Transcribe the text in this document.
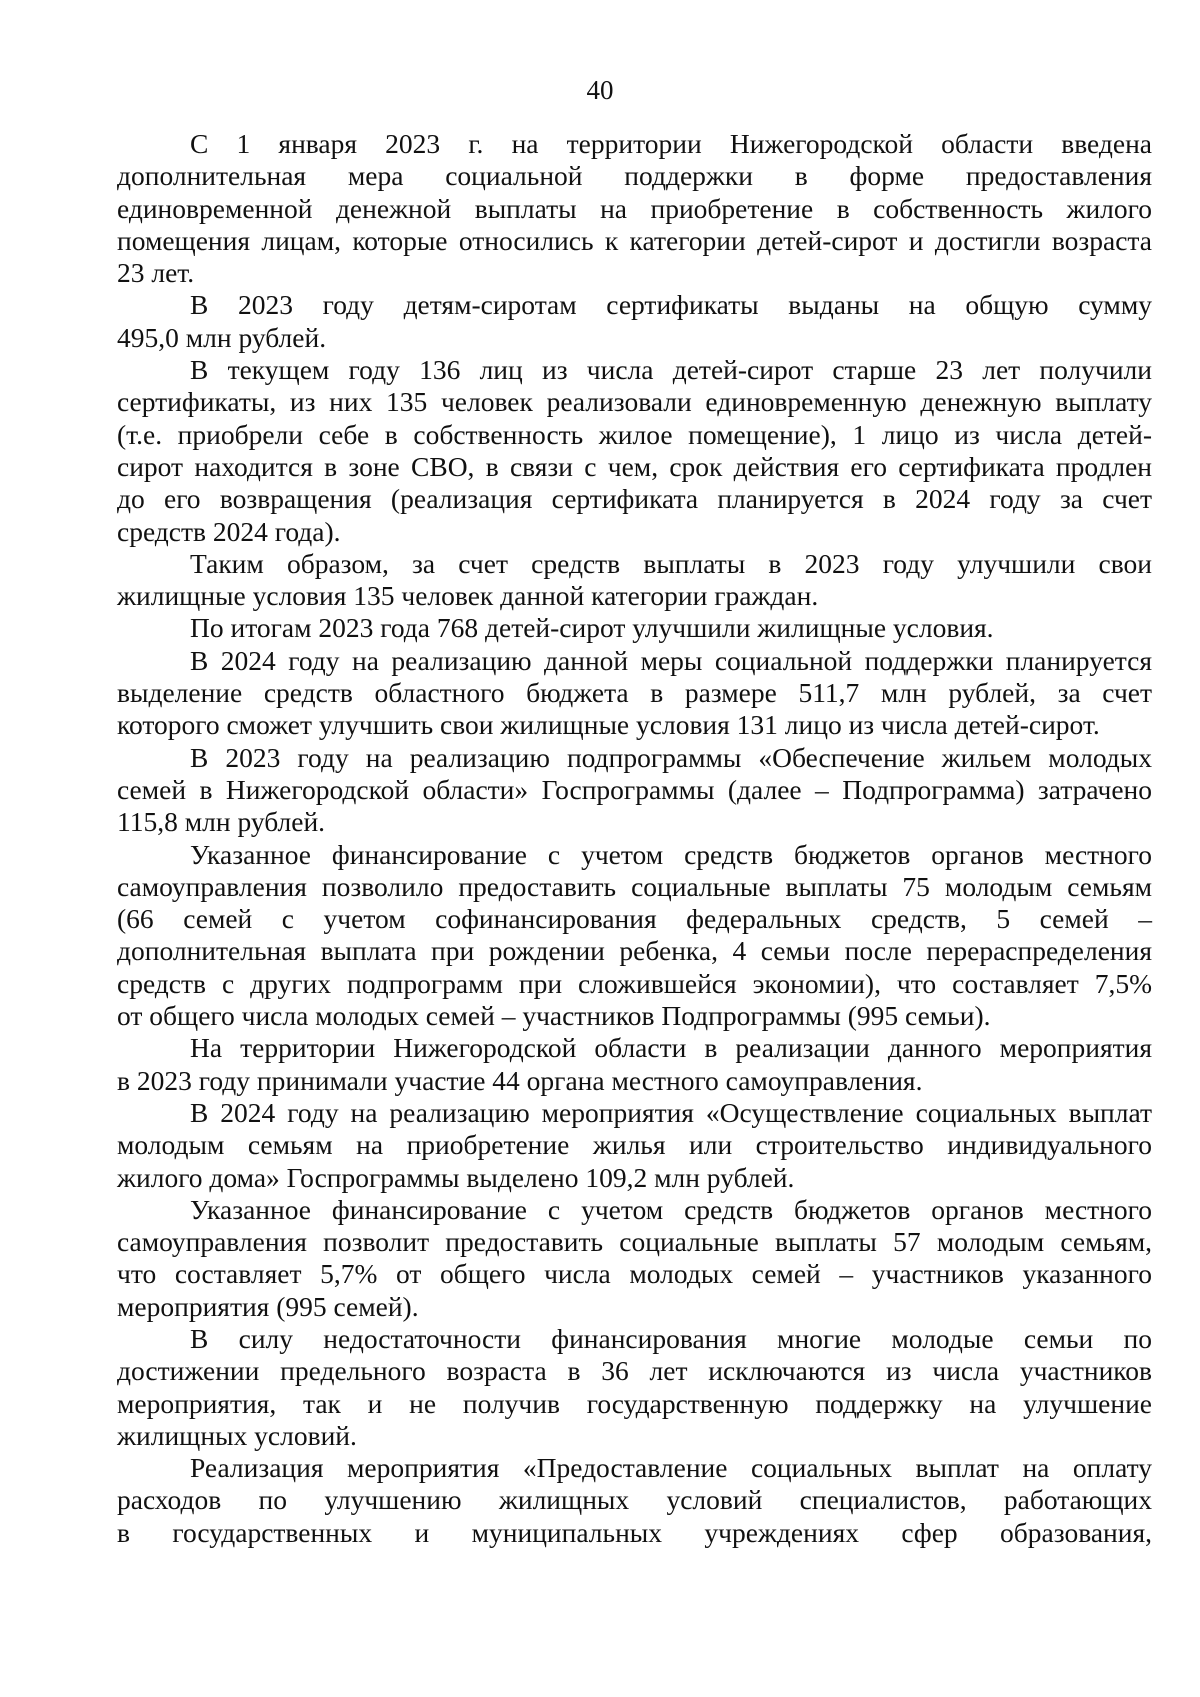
40
С 1 января 2023 г. на территории Нижегородской области введена
дополнительная мера социальной поддержки в форме предоставления
единовременной денежной выплаты на приобретение в собственность жилого
помещения лицам, которые относились к категории детей-сирот и достигли возраста
23 лет.
В 2023 году детям-сиротам сертификаты выданы на общую сумму
495,0 млн рублей.
В текущем году 136 лиц из числа детей-сирот старше 23 лет получили
сертификаты, из них 135 человек реализовали единовременную денежную выплату
(т.е. приобрели себе в собственность жилое помещение), 1 лицо из числа детей-
сирот находится в зоне СВО, в связи с чем, срок действия его сертификата продлен
до его возвращения (реализация сертификата планируется в 2024 году за счет
средств 2024 года).
Таким образом, за счет средств выплаты в 2023 году улучшили свои
жилищные условия 135 человек данной категории граждан.
По итогам 2023 года 768 детей-сирот улучшили жилищные условия.
В 2024 году на реализацию данной меры социальной поддержки планируется
выделение средств областного бюджета в размере 511,7 млн рублей, за счет
которого сможет улучшить свои жилищные условия 131 лицо из числа детей-сирот.
В 2023 году на реализацию подпрограммы «Обеспечение жильем молодых
семей в Нижегородской области» Госпрограммы (далее – Подпрограмма) затрачено
115,8 млн рублей.
Указанное финансирование с учетом средств бюджетов органов местного
самоуправления позволило предоставить социальные выплаты 75 молодым семьям
(66 семей с учетом софинансирования федеральных средств, 5 семей –
дополнительная выплата при рождении ребенка, 4 семьи после перераспределения
средств с других подпрограмм при сложившейся экономии), что составляет 7,5%
от общего числа молодых семей – участников Подпрограммы (995 семьи).
На территории Нижегородской области в реализации данного мероприятия
в 2023 году принимали участие 44 органа местного самоуправления.
В 2024 году на реализацию мероприятия «Осуществление социальных выплат
молодым семьям на приобретение жилья или строительство индивидуального
жилого дома» Госпрограммы выделено 109,2 млн рублей.
Указанное финансирование с учетом средств бюджетов органов местного
самоуправления позволит предоставить социальные выплаты 57 молодым семьям,
что составляет 5,7% от общего числа молодых семей – участников указанного
мероприятия (995 семей).
В силу недостаточности финансирования многие молодые семьи по
достижении предельного возраста в 36 лет исключаются из числа участников
мероприятия, так и не получив государственную поддержку на улучшение
жилищных условий.
Реализация мероприятия «Предоставление социальных выплат на оплату
расходов по улучшению жилищных условий специалистов, работающих
в государственных и муниципальных учреждениях сфер образования,
